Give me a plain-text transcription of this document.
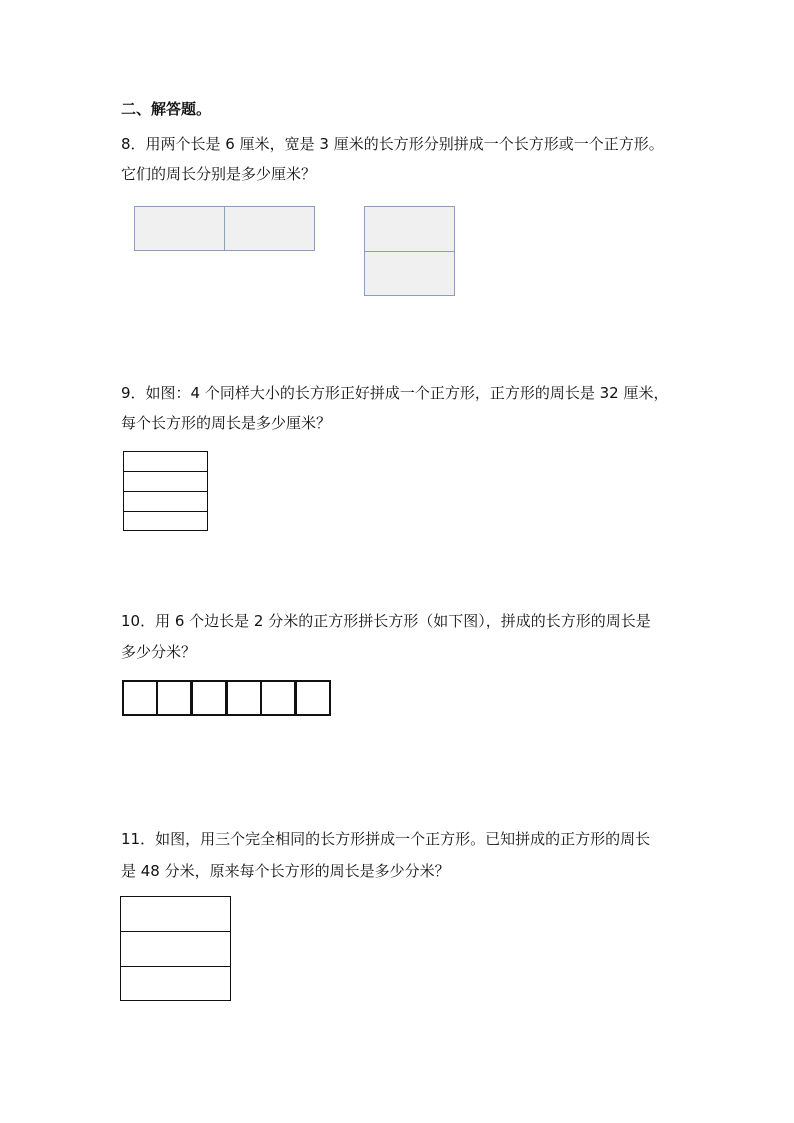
二、解答题。
8．用两个长是 6 厘米，宽是 3 厘米的长方形分别拼成一个长方形或一个正方形。
它们的周长分别是多少厘米？
9．如图：4 个同样大小的长方形正好拼成一个正方形，正方形的周长是 32 厘米，
每个长方形的周长是多少厘米？
10．用 6 个边长是 2 分米的正方形拼长方形（如下图），拼成的长方形的周长是
多少分米？
11．如图，用三个完全相同的长方形拼成一个正方形。已知拼成的正方形的周长
是 48 分米，原来每个长方形的周长是多少分米？
